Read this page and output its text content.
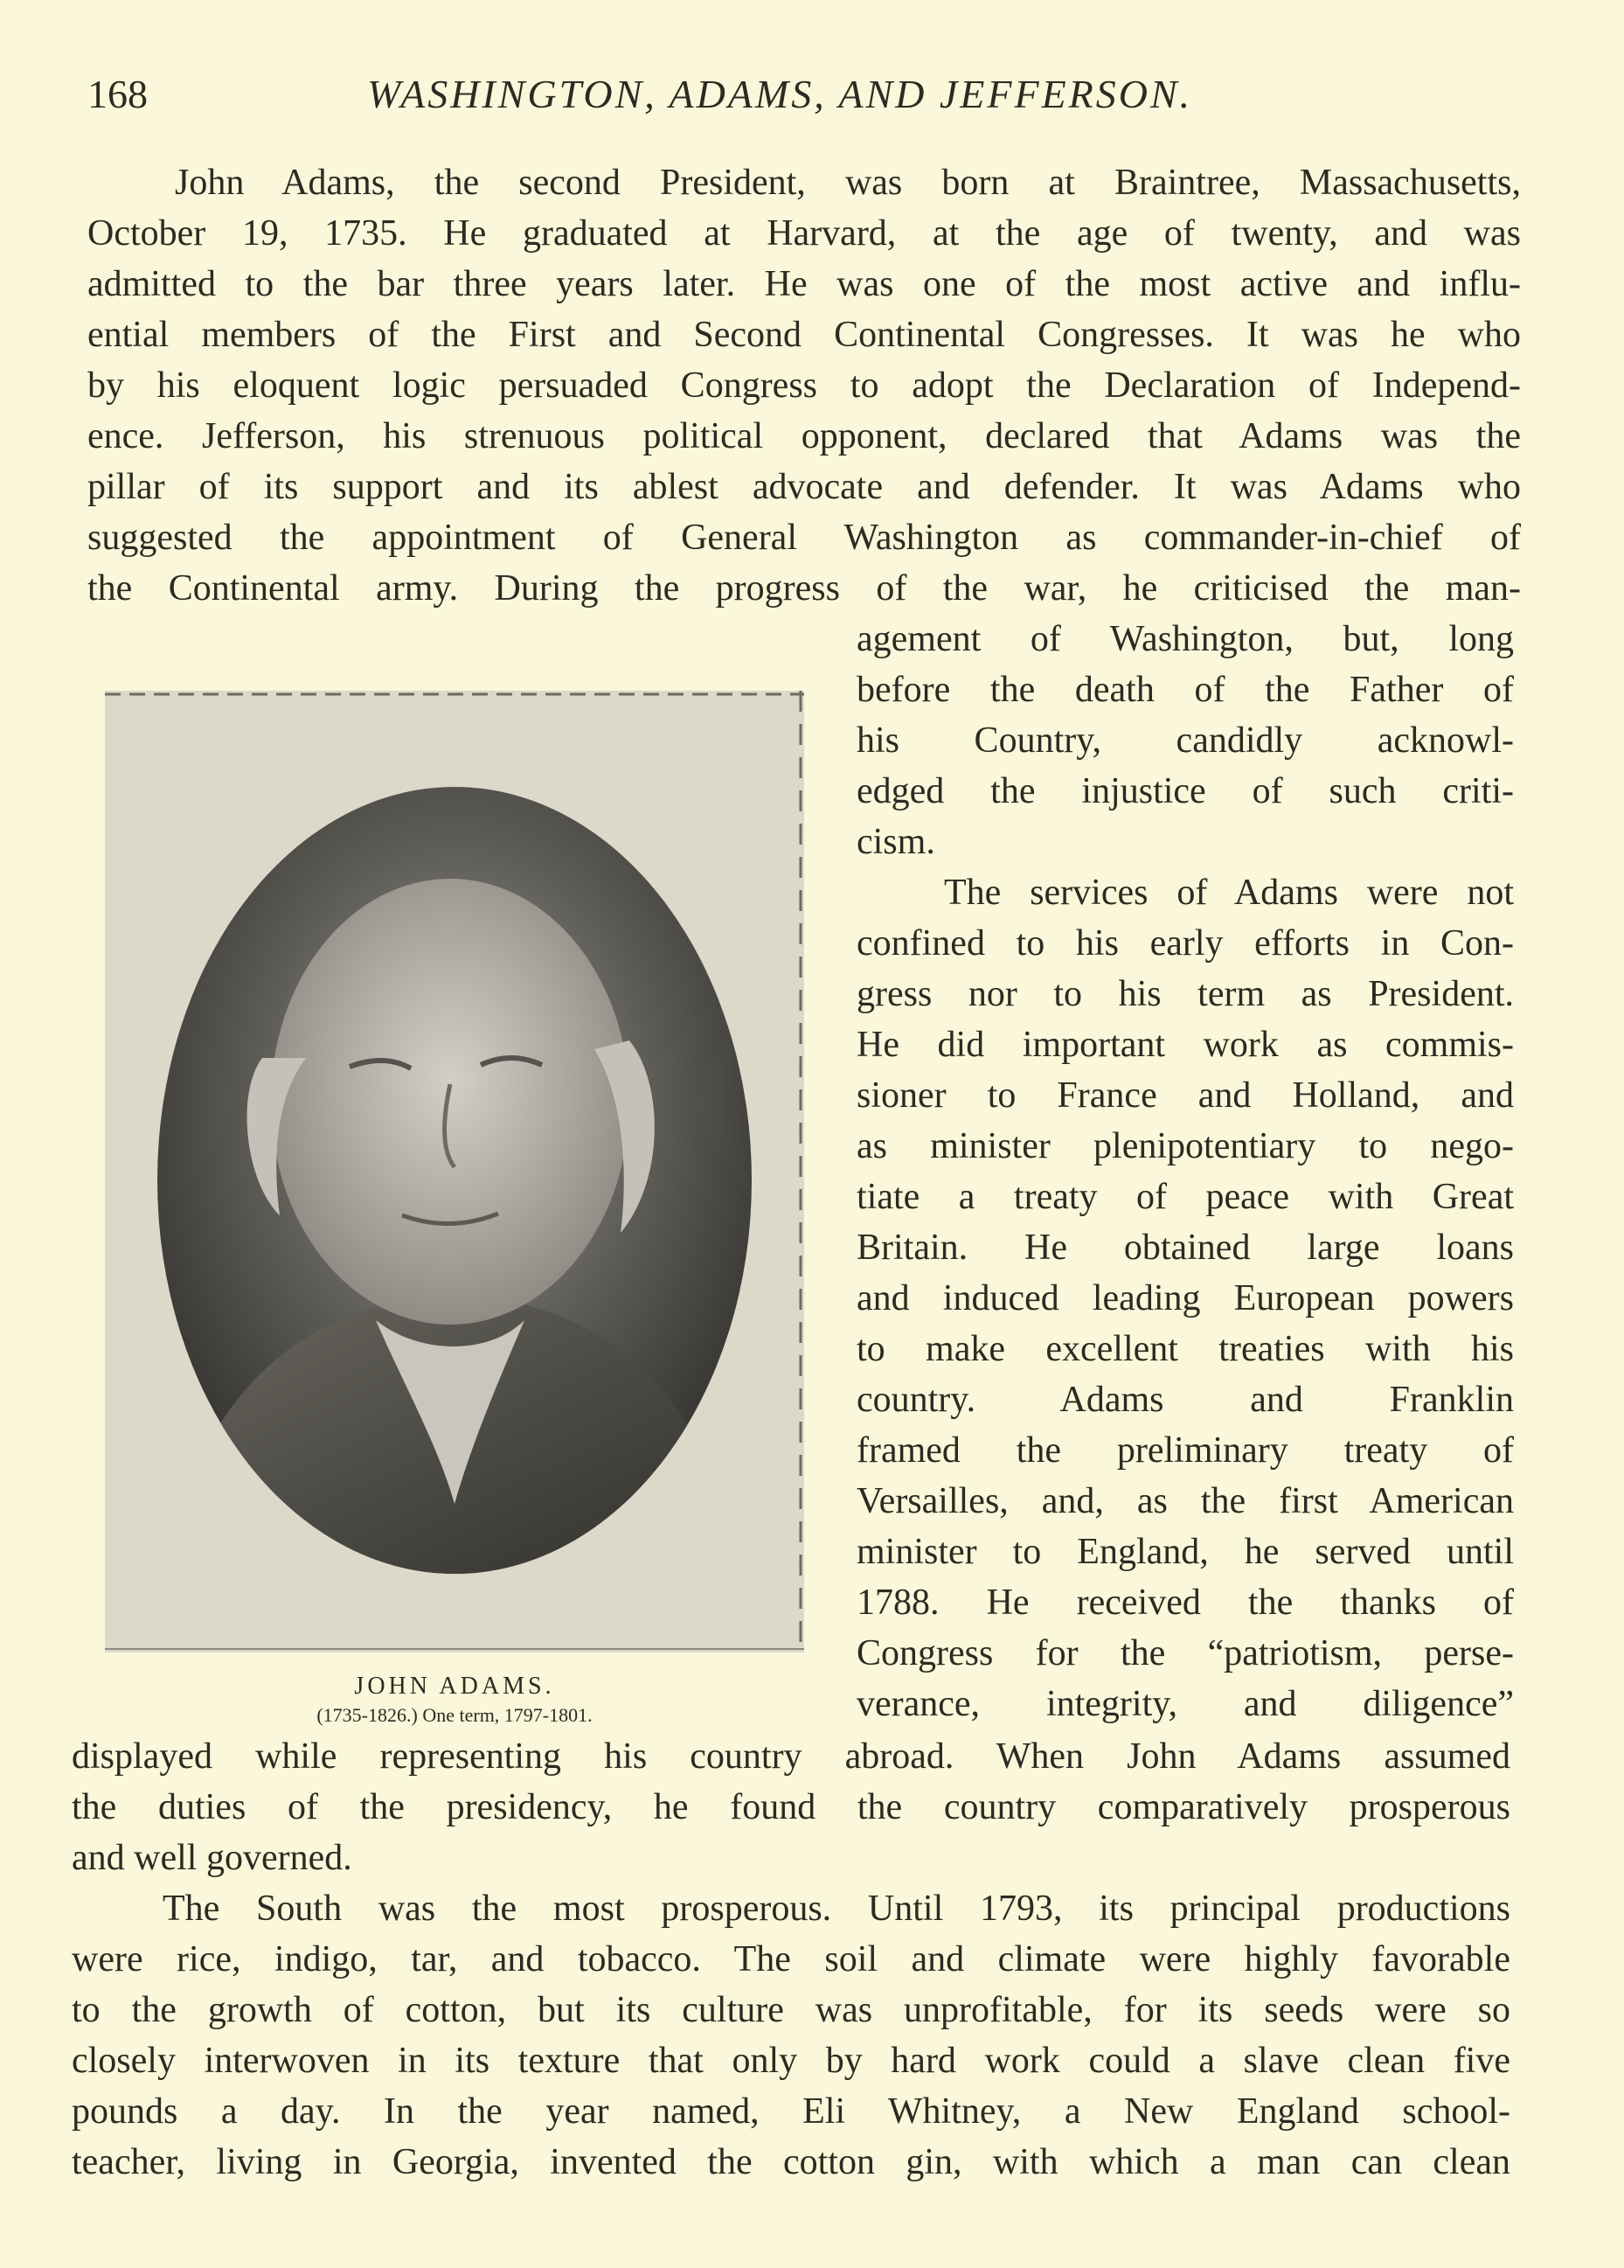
168	WASHINGTON, ADAMS, AND JEFFERSON.
John Adams, the second President, was born at Braintree, Massachusetts,
October 19, 1735. He graduated at Harvard, at the age of twenty, and was
admitted to the bar three years later. He was one of the most active and influ-
ential members of the First and Second Continental Congresses. It was he who
by his eloquent logic persuaded Congress to adopt the Declaration of Independ-
ence. Jefferson, his strenuous political opponent, declared that Adams was the
pillar of its support and its ablest advocate and defender. It was Adams who
suggested the appointment of General Washington as commander-in-chief of
the Continental army. During the progress of the war, he criticised the man-
agement of Washington, but, long
before the death of the Father of
his Country, candidly acknowl-
edged the injustice of such criti-
cism.
The services of Adams were not
confined to his early efforts in Con-
gress nor to his term as President.
He did important work as commis-
sioner to France and Holland, and
as minister plenipotentiary to nego-
tiate a treaty of peace with Great
Britain. He obtained large loans
and induced leading European powers
to make excellent treaties with his
country. Adams and Franklin
framed the preliminary treaty of
Versailles, and, as the first American
minister to England, he served until
1788. He received the thanks of
Congress for the “patriotism, perse-
verance, integrity, and diligence”
JOHN ADAMS.
(1735-1826.) One term, 1797-1801.
displayed while representing his country abroad. When John Adams assumed
the duties of the presidency, he found the country comparatively prosperous
and well governed.
The South was the most prosperous. Until 1793, its principal productions
were rice, indigo, tar, and tobacco. The soil and climate were highly favorable
to the growth of cotton, but its culture was unprofitable, for its seeds were so
closely interwoven in its texture that only by hard work could a slave clean five
pounds a day. In the year named, Eli Whitney, a New England school-
teacher, living in Georgia, invented the cotton gin, with which a man can clean
